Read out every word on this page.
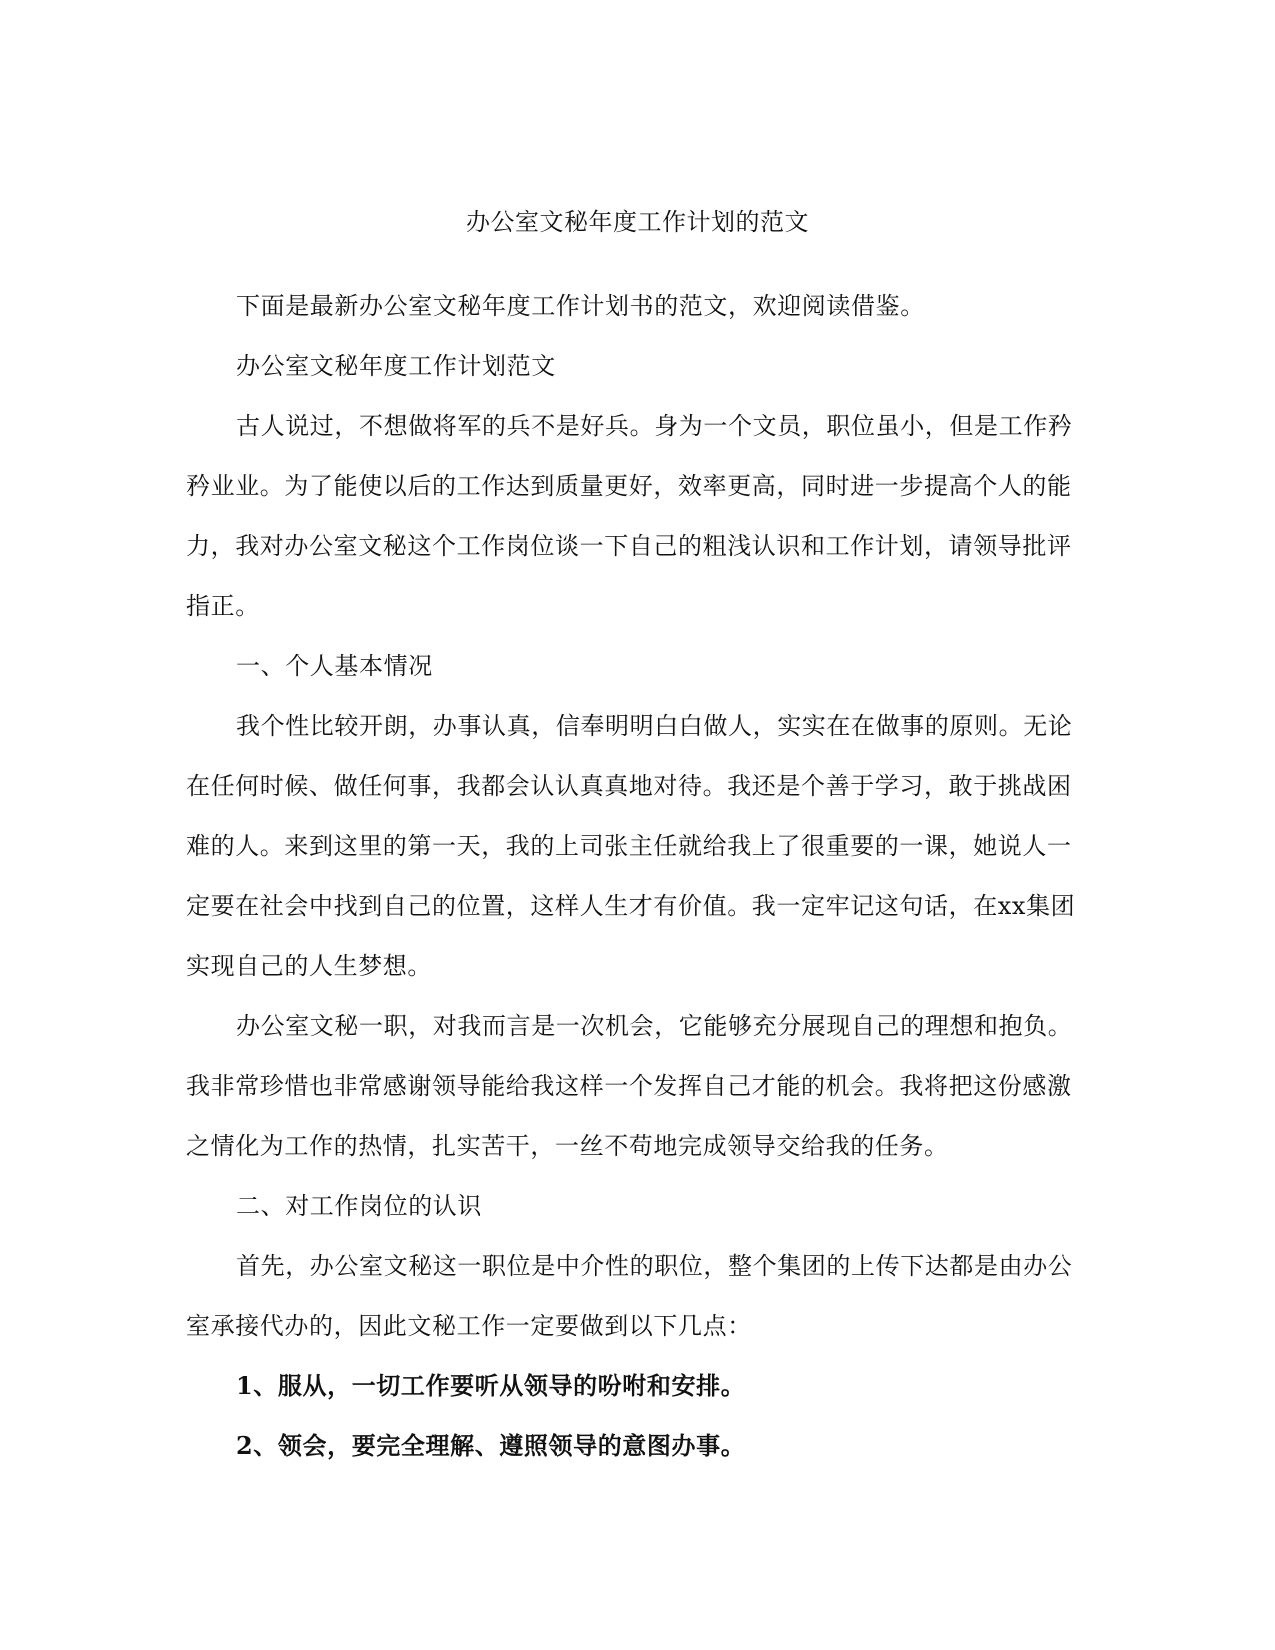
办公室文秘年度工作计划的范文

下面是最新办公室文秘年度工作计划书的范文，欢迎阅读借鉴。

办公室文秘年度工作计划范文

古人说过，不想做将军的兵不是好兵。身为一个文员，职位虽小，但是工作矜矜业业。为了能使以后的工作达到质量更好，效率更高，同时进一步提高个人的能力，我对办公室文秘这个工作岗位谈一下自己的粗浅认识和工作计划，请领导批评指正。

一、个人基本情况

我个性比较开朗，办事认真，信奉明明白白做人，实实在在做事的原则。无论在任何时候、做任何事，我都会认认真真地对待。我还是个善于学习，敢于挑战困难的人。来到这里的第一天，我的上司张主任就给我上了很重要的一课，她说人一定要在社会中找到自己的位置，这样人生才有价值。我一定牢记这句话，在xx集团实现自己的人生梦想。

办公室文秘一职，对我而言是一次机会，它能够充分展现自己的理想和抱负。我非常珍惜也非常感谢领导能给我这样一个发挥自己才能的机会。我将把这份感激之情化为工作的热情，扎实苦干，一丝不苟地完成领导交给我的任务。

二、对工作岗位的认识

首先，办公室文秘这一职位是中介性的职位，整个集团的上传下达都是由办公室承接代办的，因此文秘工作一定要做到以下几点：

1、服从，一切工作要听从领导的吩咐和安排。

2、领会，要完全理解、遵照领导的意图办事。
